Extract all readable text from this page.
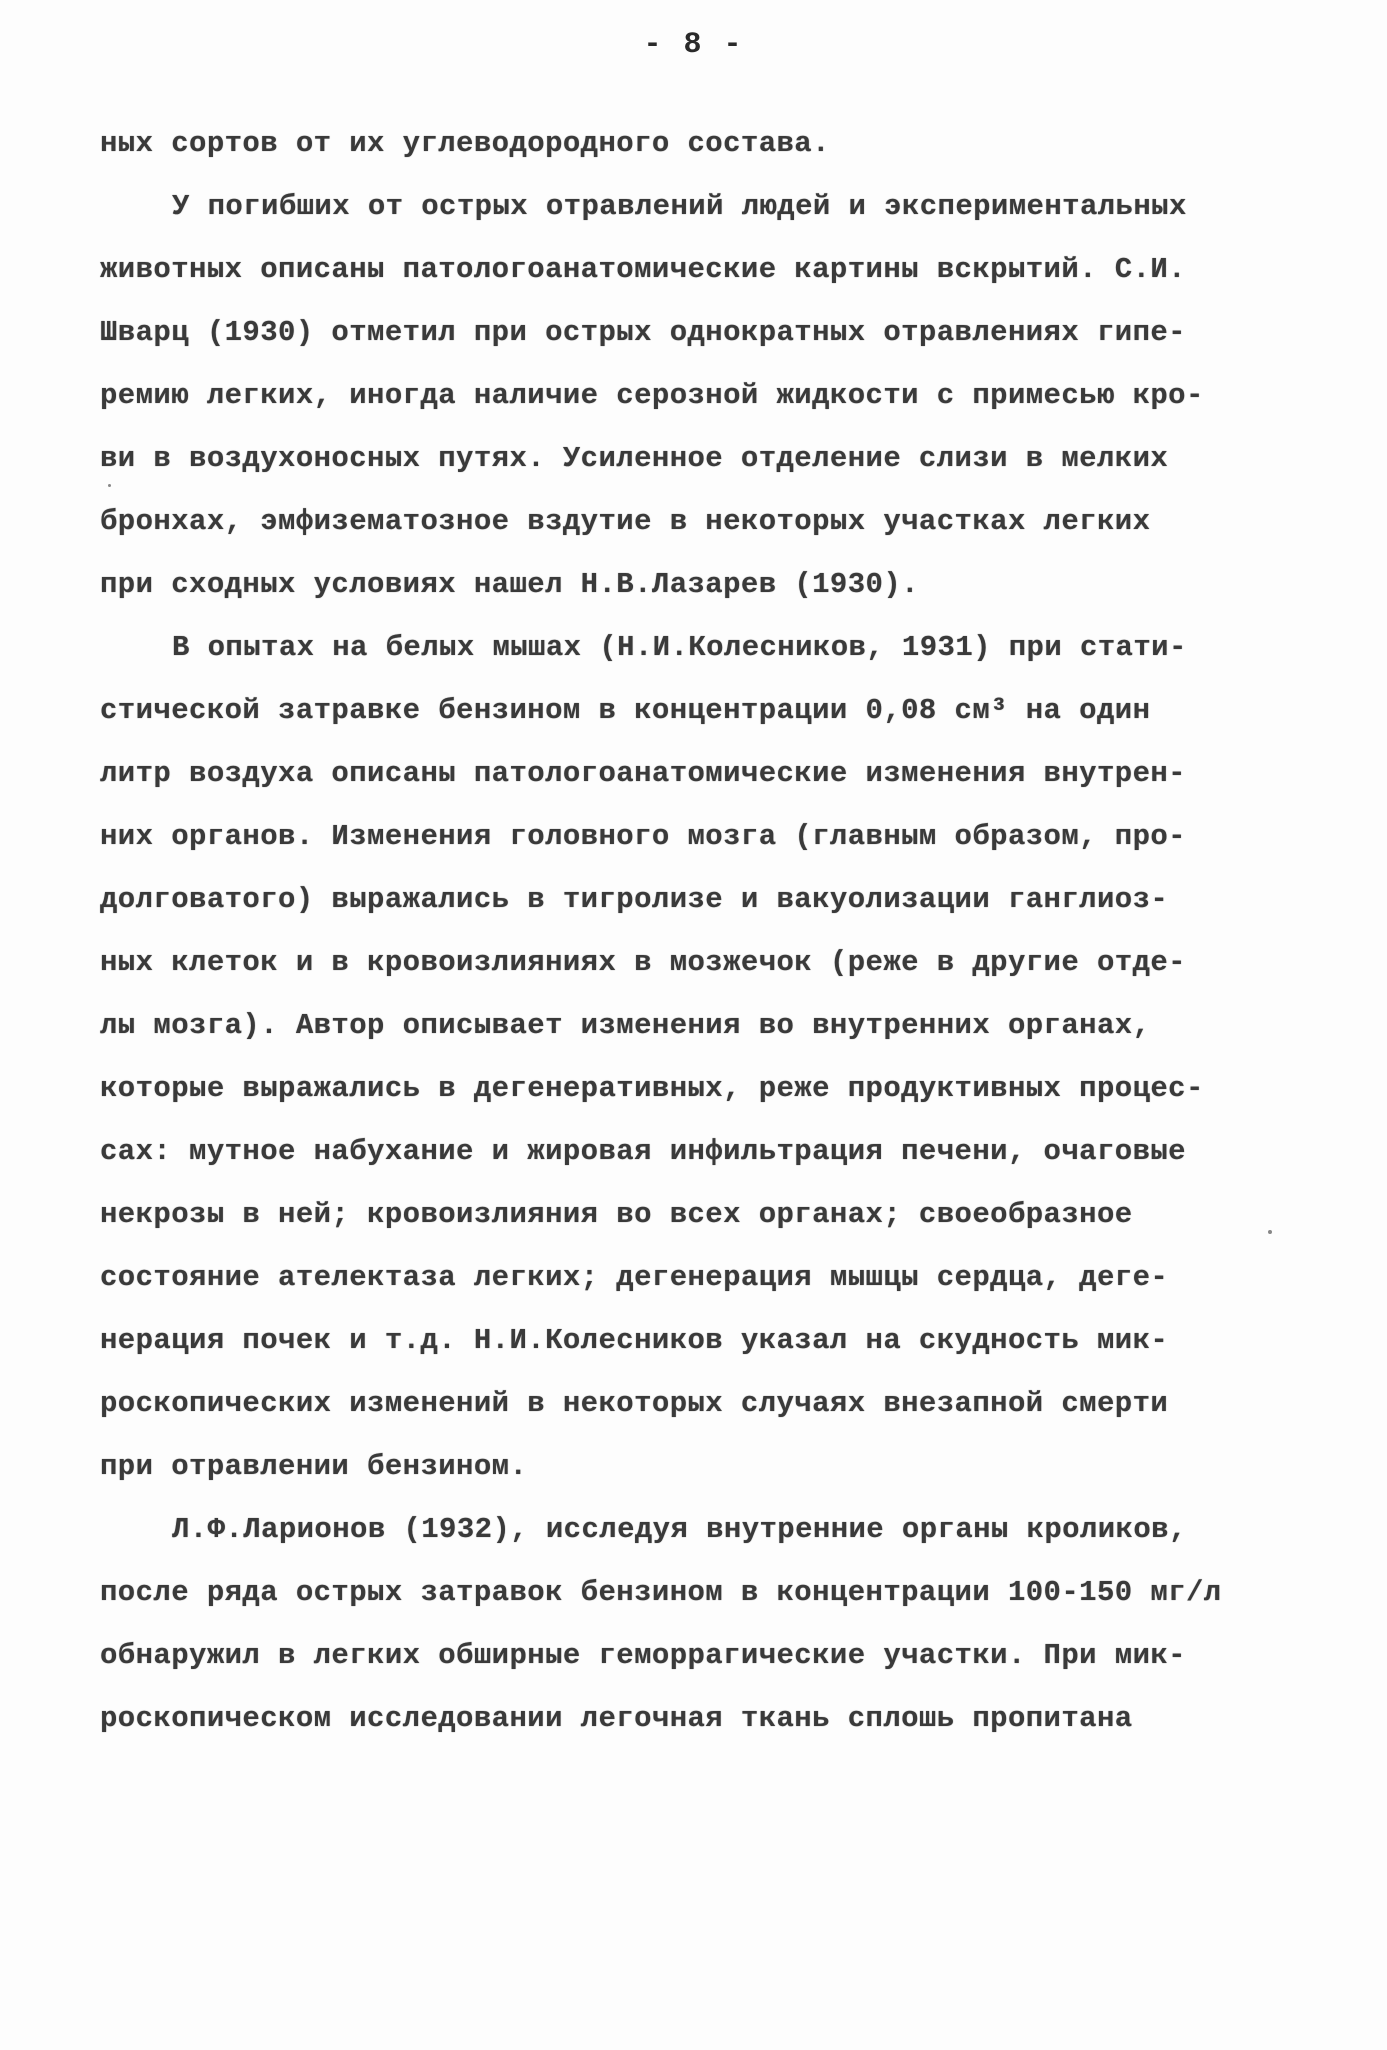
- 8 -
ных сортов от их углеводородного состава.
У погибших от острых отравлений людей и экспериментальных
животных описаны патологоанатомические картины вскрытий. С.И.
Шварц (1930) отметил при острых однократных отравлениях гипе-
ремию легких, иногда наличие серозной жидкости с примесью кро-
ви в воздухоносных путях. Усиленное отделение слизи в мелких
бронхах, эмфизематозное вздутие в некоторых участках легких
при сходных условиях нашел Н.В.Лазарев (1930).
В опытах на белых мышах (Н.И.Колесников, 1931) при стати-
стической затравке бензином в концентрации 0,08 см³ на один
литр воздуха описаны патологоанатомические изменения внутрен-
них органов. Изменения головного мозга (главным образом, про-
долговатого) выражались в тигролизе и вакуолизации ганглиоз-
ных клеток и в кровоизлияниях в мозжечок (реже в другие отде-
лы мозга). Автор описывает изменения во внутренних органах,
которые выражались в дегенеративных, реже продуктивных процес-
сах: мутное набухание и жировая инфильтрация печени, очаговые
некрозы в ней; кровоизлияния во всех органах; своеобразное
состояние ателектаза легких; дегенерация мышцы сердца, деге-
нерация почек и т.д. Н.И.Колесников указал на скудность мик-
роскопических изменений в некоторых случаях внезапной смерти
при отравлении бензином.
Л.Ф.Ларионов (1932), исследуя внутренние органы кроликов,
после ряда острых затравок бензином в концентрации 100-150 мг/л
обнаружил в легких обширные геморрагические участки. При мик-
роскопическом исследовании легочная ткань сплошь пропитана
